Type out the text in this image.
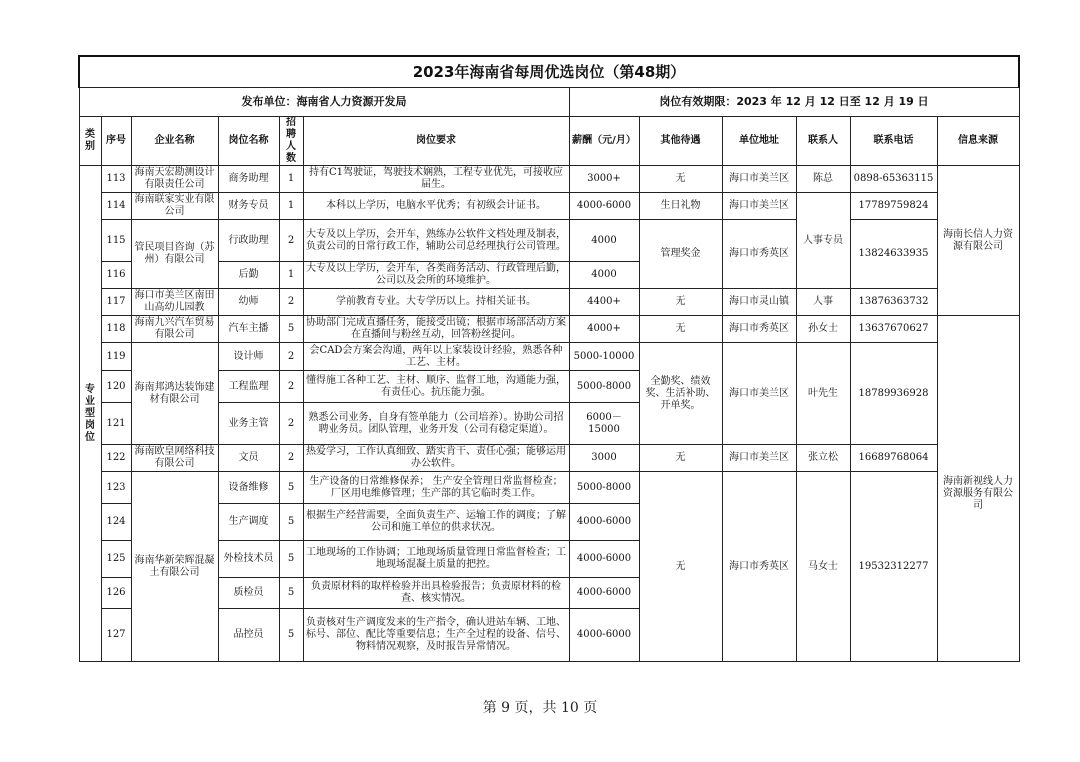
2023年海南省每周优选岗位（第48期）											
发布单位：海南省人力资源开发局						岗位有效期限：2023 年 12 月 12 日至 12 月 19 日					
类别	序号	企业名称	岗位名称	招聘人数	岗位要求	薪酬（元/月）	其他待遇	单位地址	联系人	联系电话	信息来源

专业型岗位	113	海南天宏勘测设计有限责任公司	商务助理	1	持有C1驾驶证，驾驶技术娴熟，工程专业优先，可接收应届生。	3000+	无	海口市美兰区	陈总	0898-65363115	海南长信人力资源有限公司
	114	海南联家实业有限公司	财务专员	1	本科以上学历，电脑水平优秀；有初级会计证书。	4000-6000	生日礼物	海口市美兰区	人事专员	17789759824	
	115	管民项目咨询（苏州）有限公司	行政助理	2	大专及以上学历，会开车，熟练办公软件文档处理及制表，负责公司的日常行政工作，辅助公司总经理执行公司管理。	4000	管理奖金	海口市秀英区		13824633935	
	116		后勤	1	大专及以上学历，会开车，各类商务活动、行政管理后勤，公司以及会所的环境维护。	4000					
	117	海口市美兰区南田山高幼儿园教	幼师	2	学前教育专业。大专学历以上。持相关证书。	4400+	无	海口市灵山镇	人事	13876363732	
	118	海南九兴汽车贸易有限公司	汽车主播	5	协助部门完成直播任务，能接受出镜；根据市场部活动方案在直播间与粉丝互动，回答粉丝提问。	4000+	无	海口市秀英区	孙女士	13637670627	海南新视线人力资源服务有限公司
	119	海南邦鸿达装饰建材有限公司	设计师	2	会CAD会方案会沟通，两年以上家装设计经验，熟悉各种工艺、主材。	5000-10000	全勤奖、绩效奖、生活补助、开单奖。	海口市美兰区	叶先生	18789936928	
	120		工程监理	2	懂得施工各种工艺、主材、顺序、监督工地，沟通能力强，有责任心。抗压能力强。	5000-8000					
	121		业务主管	2	熟悉公司业务，自身有签单能力（公司培养）。协助公司招聘业务员。团队管理，业务开发（公司有稳定渠道）。	6000－15000					
	122	海南欧皇网络科技有限公司	文员	2	热爱学习，工作认真细致、踏实肯干、责任心强；能够运用办公软件。	3000	无	海口市美兰区	张立松	16689768064	
	123	海南华新荣辉混凝土有限公司	设备维修	5	生产设备的日常维修保养； 生产安全管理日常监督检查；厂区用电维修管理；生产部的其它临时类工作。	5000-8000	无	海口市秀英区	马女士	19532312277	
	124		生产调度	5	根据生产经营需要，全面负责生产、运输工作的调度；了解公司和施工单位的供求状况。	4000-6000					
	125		外检技术员	5	工地现场的工作协调；工地现场质量管理日常监督检查；工地现场混凝土质量的把控。	4000-6000					
	126		质检员	5	负责原材料的取样检验并出具检验报告；负责原材料的检查、核实情况。	4000-6000					
	127		品控员	5	负责核对生产调度发来的生产指令，确认进站车辆、工地、标号、部位、配比等重要信息；生产全过程的设备、信号、物料情况观察，及时报告异常情况。	4000-6000					
第 9 页，共 10 页
